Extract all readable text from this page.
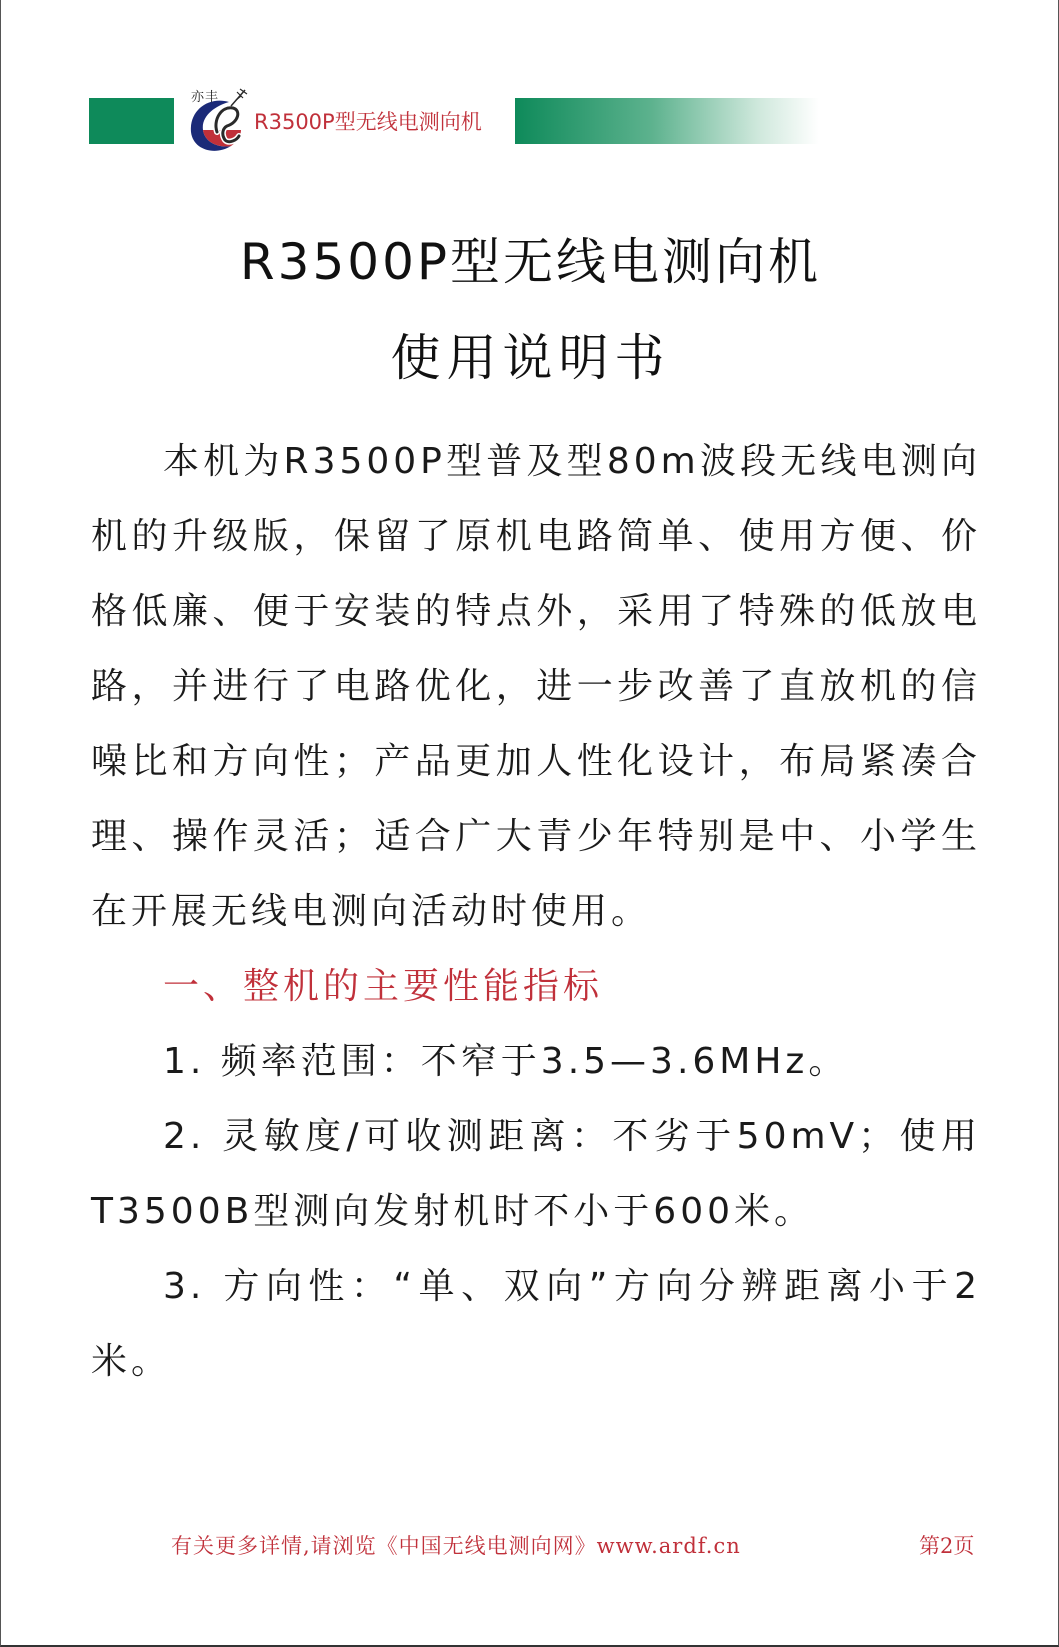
亦丰
R3500P型无线电测向机
R3500P型无线电测向机
使用说明书

本机为R3500P型普及型80m波段无线电测向机的升级版，保留了原机电路简单、使用方便、价格低廉、便于安装的特点外，采用了特殊的低放电路，并进行了电路优化，进一步改善了直放机的信噪比和方向性；产品更加人性化设计，布局紧凑合理、操作灵活；适合广大青少年特别是中、小学生在开展无线电测向活动时使用。

一、整机的主要性能指标

1. 频率范围：不窄于3.5—3.6MHz。

2. 灵敏度/可收测距离：不劣于50mV；使用T3500B型测向发射机时不小于600米。

3. 方向性：“单、双向”方向分辨距离小于2米。

有关更多详情,请浏览《中国无线电测向网》www.ardf.cn	第2页
